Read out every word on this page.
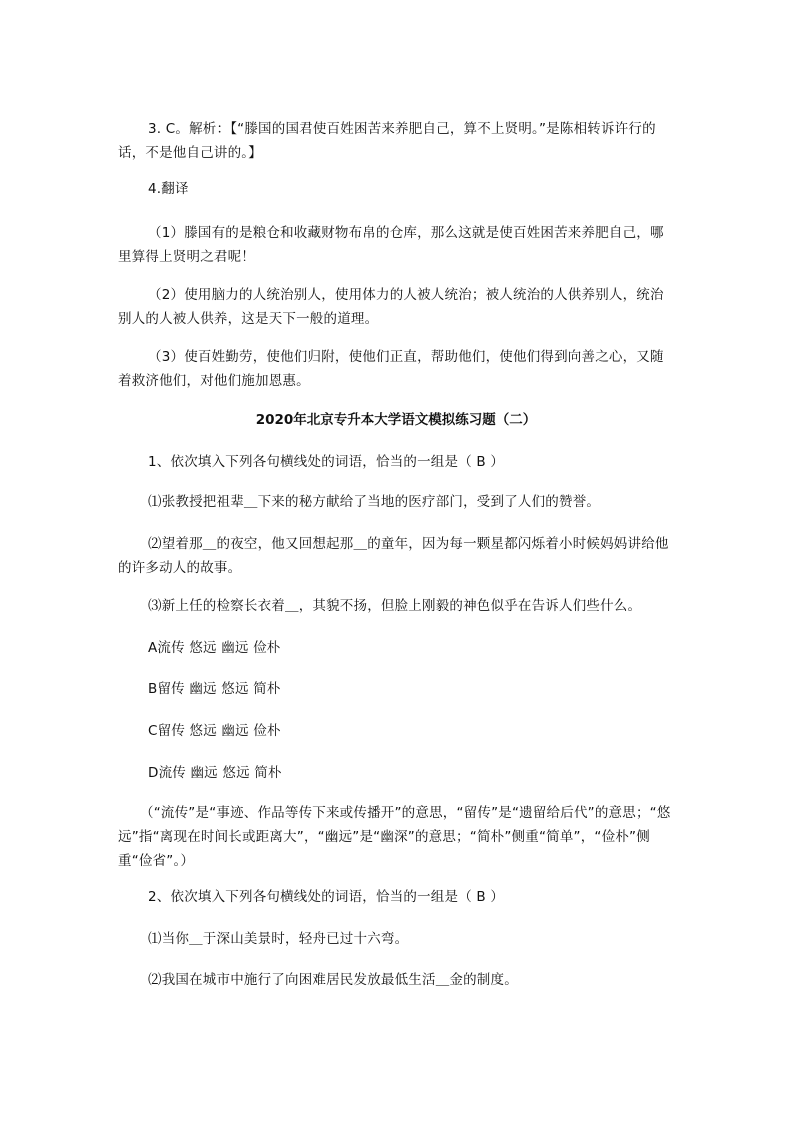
3. C。解析：【“滕国的国君使百姓困苦来养肥自己，算不上贤明。”是陈相转诉许行的话，不是他自己讲的。】

4.翻译

（1）滕国有的是粮仓和收藏财物布帛的仓库，那么这就是使百姓困苦来养肥自己，哪里算得上贤明之君呢！

（2）使用脑力的人统治别人，使用体力的人被人统治；被人统治的人供养别人，统治别人的人被人供养，这是天下一般的道理。

（3）使百姓勤劳，使他们归附，使他们正直，帮助他们，使他们得到向善之心，又随着救济他们，对他们施加恩惠。

2020年北京专升本大学语文模拟练习题（二）

1、依次填入下列各句横线处的词语，恰当的一组是（ B ）

⑴张教授把祖辈＿下来的秘方献给了当地的医疗部门，受到了人们的赞誉。

⑵望着那＿的夜空，他又回想起那＿的童年，因为每一颗星都闪烁着小时候妈妈讲给他的许多动人的故事。

⑶新上任的检察长衣着＿，其貌不扬，但脸上刚毅的神色似乎在告诉人们些什么。

A流传 悠远 幽远 俭朴

B留传 幽远 悠远 简朴

C留传 悠远 幽远 俭朴

D流传 幽远 悠远 简朴

（“流传”是“事迹、作品等传下来或传播开”的意思，“留传”是“遗留给后代”的意思；“悠远”指“离现在时间长或距离大”，“幽远”是“幽深”的意思；“简朴”侧重“简单”，“俭朴”侧重“俭省”。）

2、依次填入下列各句横线处的词语，恰当的一组是（ B ）

⑴当你＿于深山美景时，轻舟已过十六弯。

⑵我国在城市中施行了向困难居民发放最低生活＿金的制度。
